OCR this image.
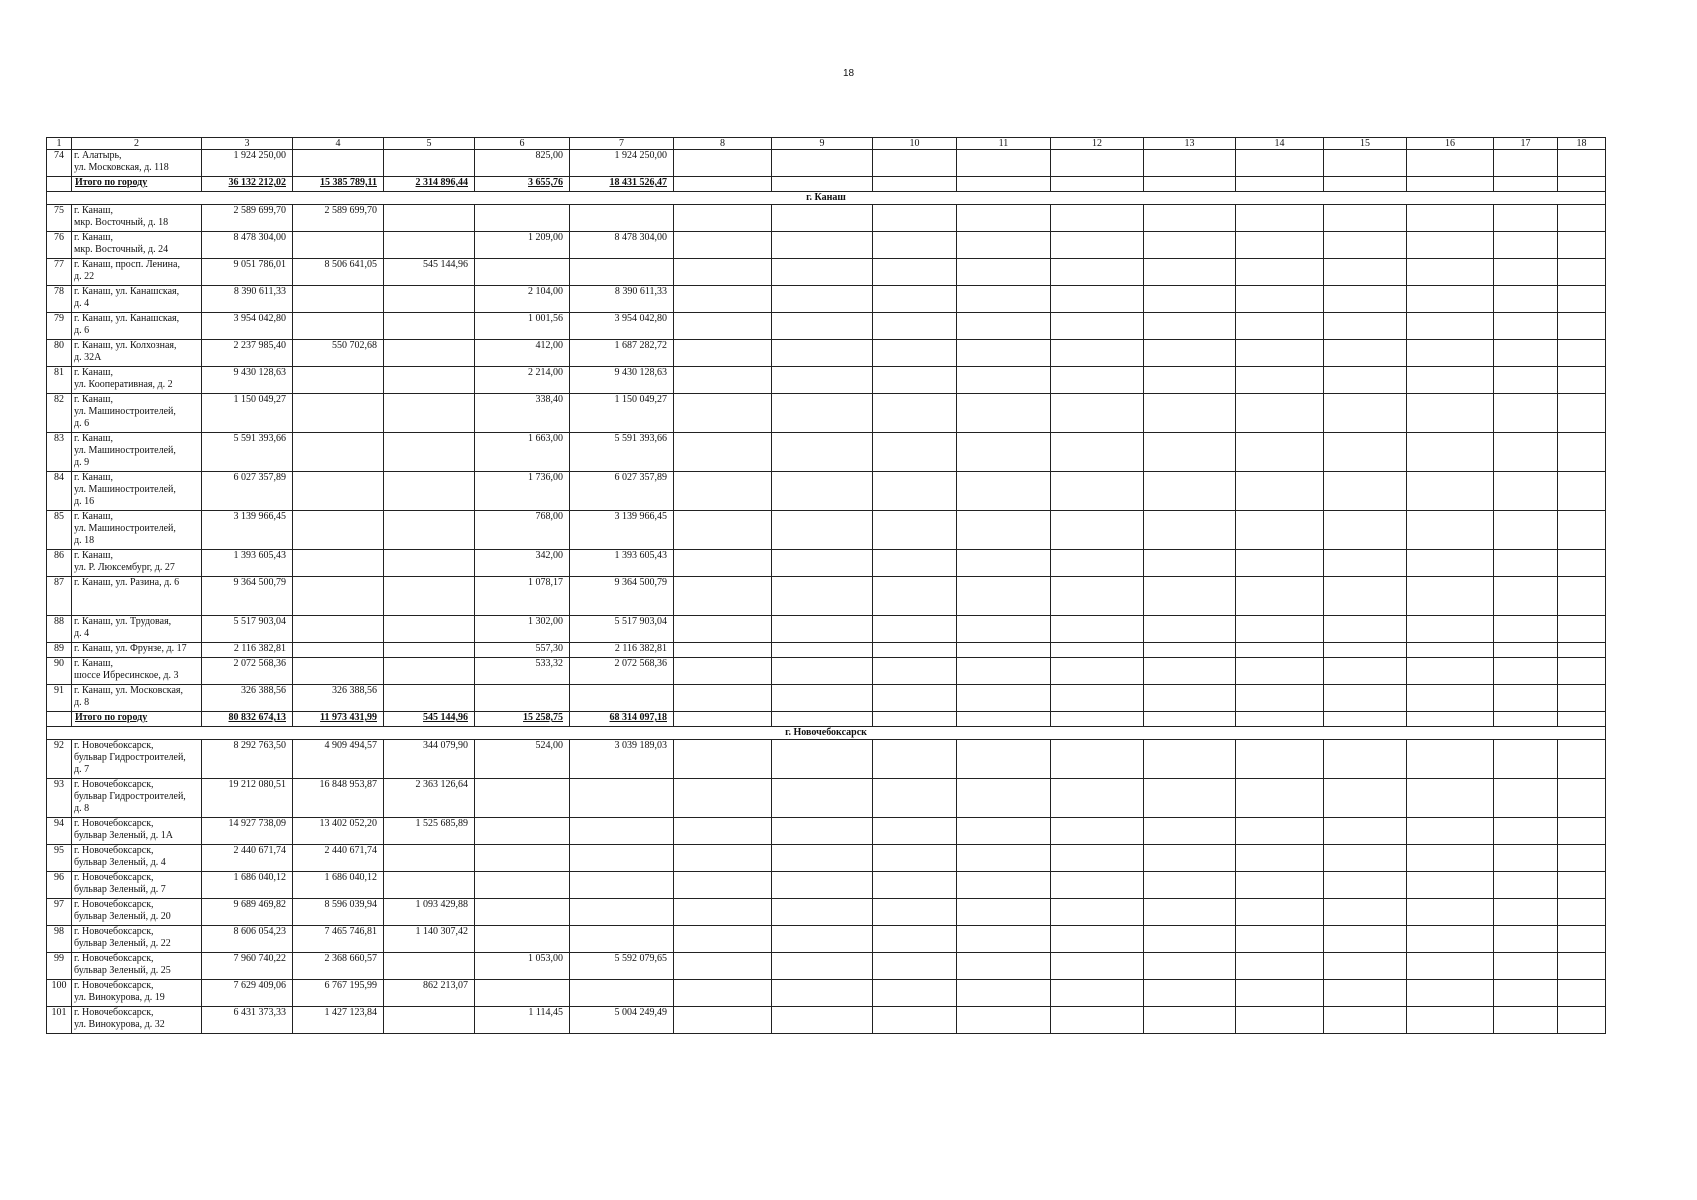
18
1	2	3	4	5	6	7	8	9	10	11	12	13	14	15	16	17	18
74	г. Алатырь,
ул. Московская, д. 118	1 924 250,00			825,00	1 924 250,00											
	Итого по городу	36 132 212,02	15 385 789,11	2 314 896,44	3 655,76	18 431 526,47											
г. Канаш																	
75	г. Канаш,
мкр. Восточный, д. 18	2 589 699,70	2 589 699,70														
76	г. Канаш,
мкр. Восточный, д. 24	8 478 304,00			1 209,00	8 478 304,00											
77	г. Канаш, просп. Ленина,
д. 22	9 051 786,01	8 506 641,05	545 144,96													
78	г. Канаш, ул. Канашская,
д. 4	8 390 611,33			2 104,00	8 390 611,33											
79	г. Канаш, ул. Канашская,
д. 6	3 954 042,80			1 001,56	3 954 042,80											
80	г. Канаш, ул. Колхозная,
д. 32А	2 237 985,40	550 702,68		412,00	1 687 282,72											
81	г. Канаш,
ул. Кооперативная, д. 2	9 430 128,63			2 214,00	9 430 128,63											
82	г. Канаш,
ул. Машиностроителей,
д. 6	1 150 049,27			338,40	1 150 049,27											
83	г. Канаш,
ул. Машиностроителей,
д. 9	5 591 393,66			1 663,00	5 591 393,66											
84	г. Канаш,
ул. Машиностроителей,
д. 16	6 027 357,89			1 736,00	6 027 357,89											
85	г. Канаш,
ул. Машиностроителей,
д. 18	3 139 966,45			768,00	3 139 966,45											
86	г. Канаш,
ул. Р. Люксембург, д. 27	1 393 605,43			342,00	1 393 605,43											
87	г. Канаш, ул. Разина, д. 6	9 364 500,79			1 078,17	9 364 500,79											
88	г. Канаш, ул. Трудовая,
д. 4	5 517 903,04			1 302,00	5 517 903,04											
89	г. Канаш, ул. Фрунзе, д. 17	2 116 382,81			557,30	2 116 382,81											
90	г. Канаш,
шоссе Ибресинское, д. 3	2 072 568,36			533,32	2 072 568,36											
91	г. Канаш, ул. Московская,
д. 8	326 388,56	326 388,56														
	Итого по городу	80 832 674,13	11 973 431,99	545 144,96	15 258,75	68 314 097,18											
г. Новочебоксарск																	
92	г. Новочебоксарск,
бульвар Гидростроителей,
д. 7	8 292 763,50	4 909 494,57	344 079,90	524,00	3 039 189,03											
93	г. Новочебоксарск,
бульвар Гидростроителей,
д. 8	19 212 080,51	16 848 953,87	2 363 126,64													
94	г. Новочебоксарск,
бульвар Зеленый, д. 1А	14 927 738,09	13 402 052,20	1 525 685,89													
95	г. Новочебоксарск,
бульвар Зеленый, д. 4	2 440 671,74	2 440 671,74														
96	г. Новочебоксарск,
бульвар Зеленый, д. 7	1 686 040,12	1 686 040,12														
97	г. Новочебоксарск,
бульвар Зеленый, д. 20	9 689 469,82	8 596 039,94	1 093 429,88													
98	г. Новочебоксарск,
бульвар Зеленый, д. 22	8 606 054,23	7 465 746,81	1 140 307,42													
99	г. Новочебоксарск,
бульвар Зеленый, д. 25	7 960 740,22	2 368 660,57		1 053,00	5 592 079,65											
100	г. Новочебоксарск,
ул. Винокурова, д. 19	7 629 409,06	6 767 195,99	862 213,07													
101	г. Новочебоксарск,
ул. Винокурова, д. 32	6 431 373,33	1 427 123,84		1 114,45	5 004 249,49											
